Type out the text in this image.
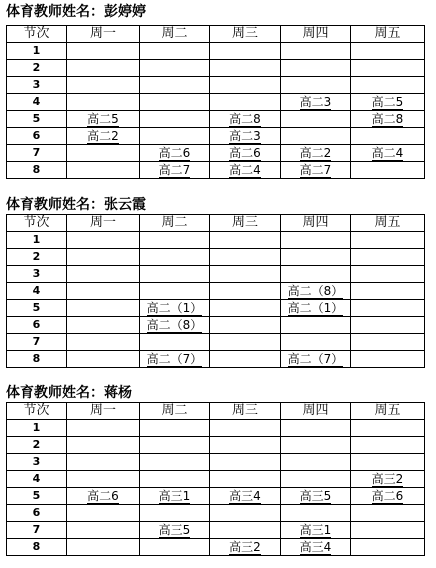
体育教师姓名：彭婷婷
节次	周一	周二	周三	周四	周五
1					
2					
3					
4				高二3	高二5
5	高二5		高二8		高二8
6	高二2		高二3		
7		高二6	高二6	高二2	高二4
8		高二7	高二4	高二7	
体育教师姓名：张云霞
节次	周一	周二	周三	周四	周五
1					
2					
3					
4				高二（8）	
5		高二（1）		高二（1）	
6		高二（8）			
7					
8		高二（7）		高二（7）	
体育教师姓名：蒋杨
节次	周一	周二	周三	周四	周五
1					
2					
3					
4					高三2
5	高二6	高三1	高三4	高三5	高二6
6					
7		高三5		高三1	
8			高三2	高三4	
